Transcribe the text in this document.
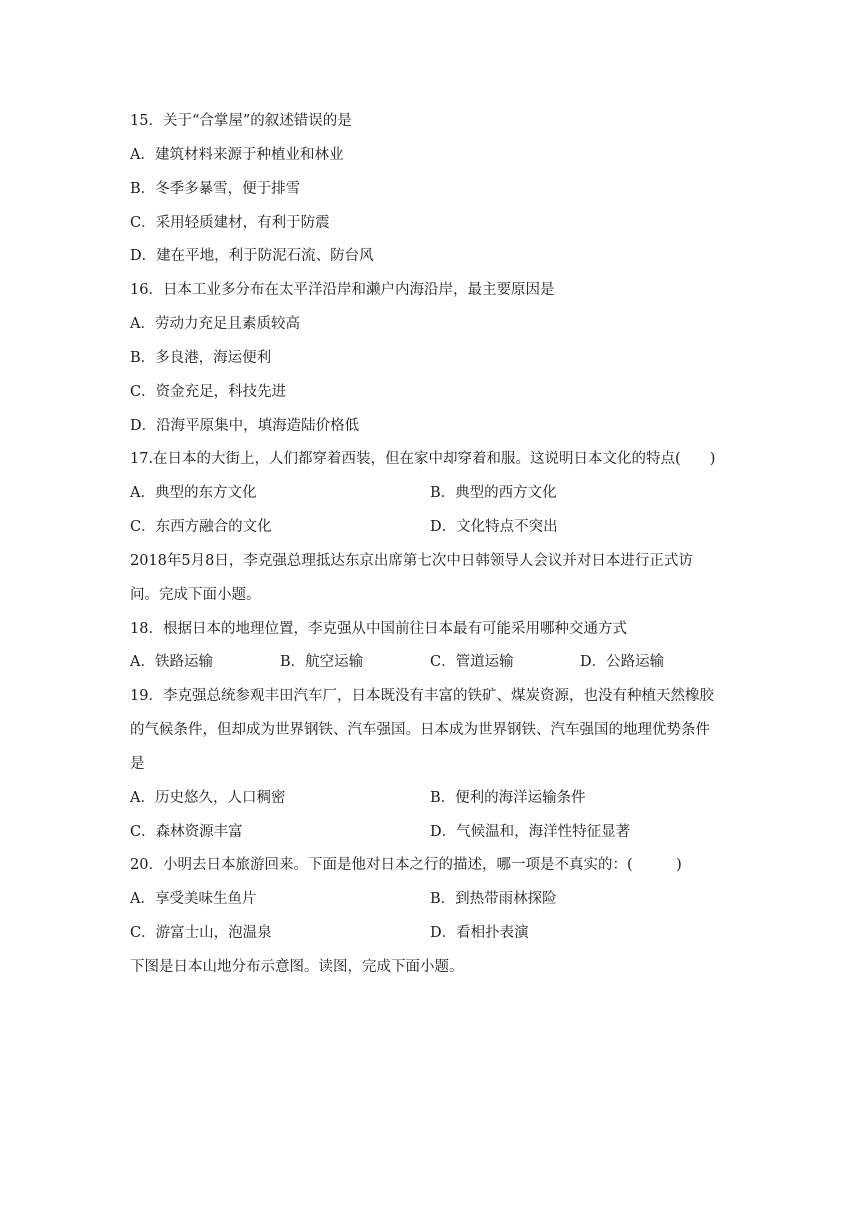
15．关于“合掌屋”的叙述错误的是
A．建筑材料来源于种植业和林业
B．冬季多暴雪，便于排雪
C．采用轻质建材，有利于防震
D．建在平地，利于防泥石流、防台风
16．日本工业多分布在太平洋沿岸和濑户内海沿岸，最主要原因是
A．劳动力充足且素质较高
B．多良港，海运便利
C．资金充足，科技先进
D．沿海平原集中，填海造陆价格低
17.在日本的大街上，人们都穿着西装，但在家中却穿着和服。这说明日本文化的特点(　　)
A．典型的东方文化	B．典型的西方文化
C．东西方融合的文化	D．文化特点不突出
2018年5月8日，李克强总理抵达东京出席第七次中日韩领导人会议并对日本进行正式访
问。完成下面小题。
18．根据日本的地理位置，李克强从中国前往日本最有可能采用哪种交通方式
A．铁路运输	B．航空运输	C．管道运输	D．公路运输
19．李克强总统参观丰田汽车厂，日本既没有丰富的铁矿、煤炭资源，也没有种植天然橡胶
的气候条件，但却成为世界钢铁、汽车强国。日本成为世界钢铁、汽车强国的地理优势条件
是
A．历史悠久，人口稠密	B．便利的海洋运输条件
C．森林资源丰富	D．气候温和，海洋性特征显著
20．小明去日本旅游回来。下面是他对日本之行的描述，哪一项是不真实的：(　　　)
A．享受美味生鱼片	B．到热带雨林探险
C．游富士山，泡温泉	D．看相扑表演
下图是日本山地分布示意图。读图，完成下面小题。
